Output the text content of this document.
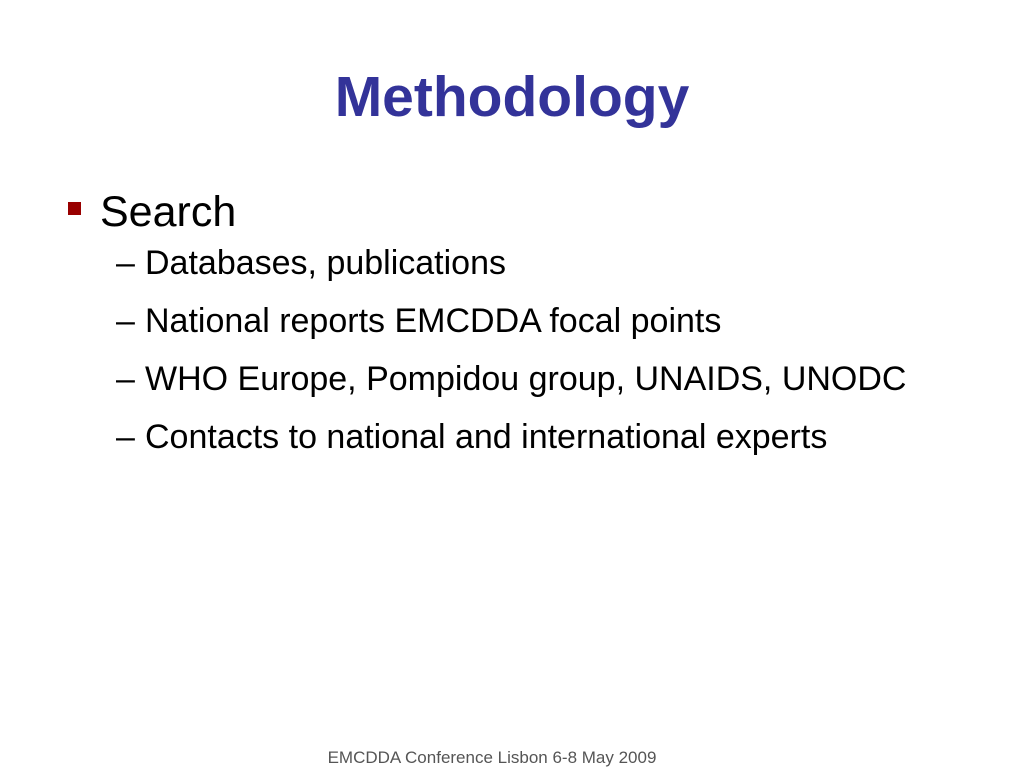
Methodology
Search
– Databases, publications
– National reports EMCDDA focal points
– WHO Europe, Pompidou group, UNAIDS, UNODC
– Contacts to national and international experts
EMCDDA Conference Lisbon 6-8 May 2009
